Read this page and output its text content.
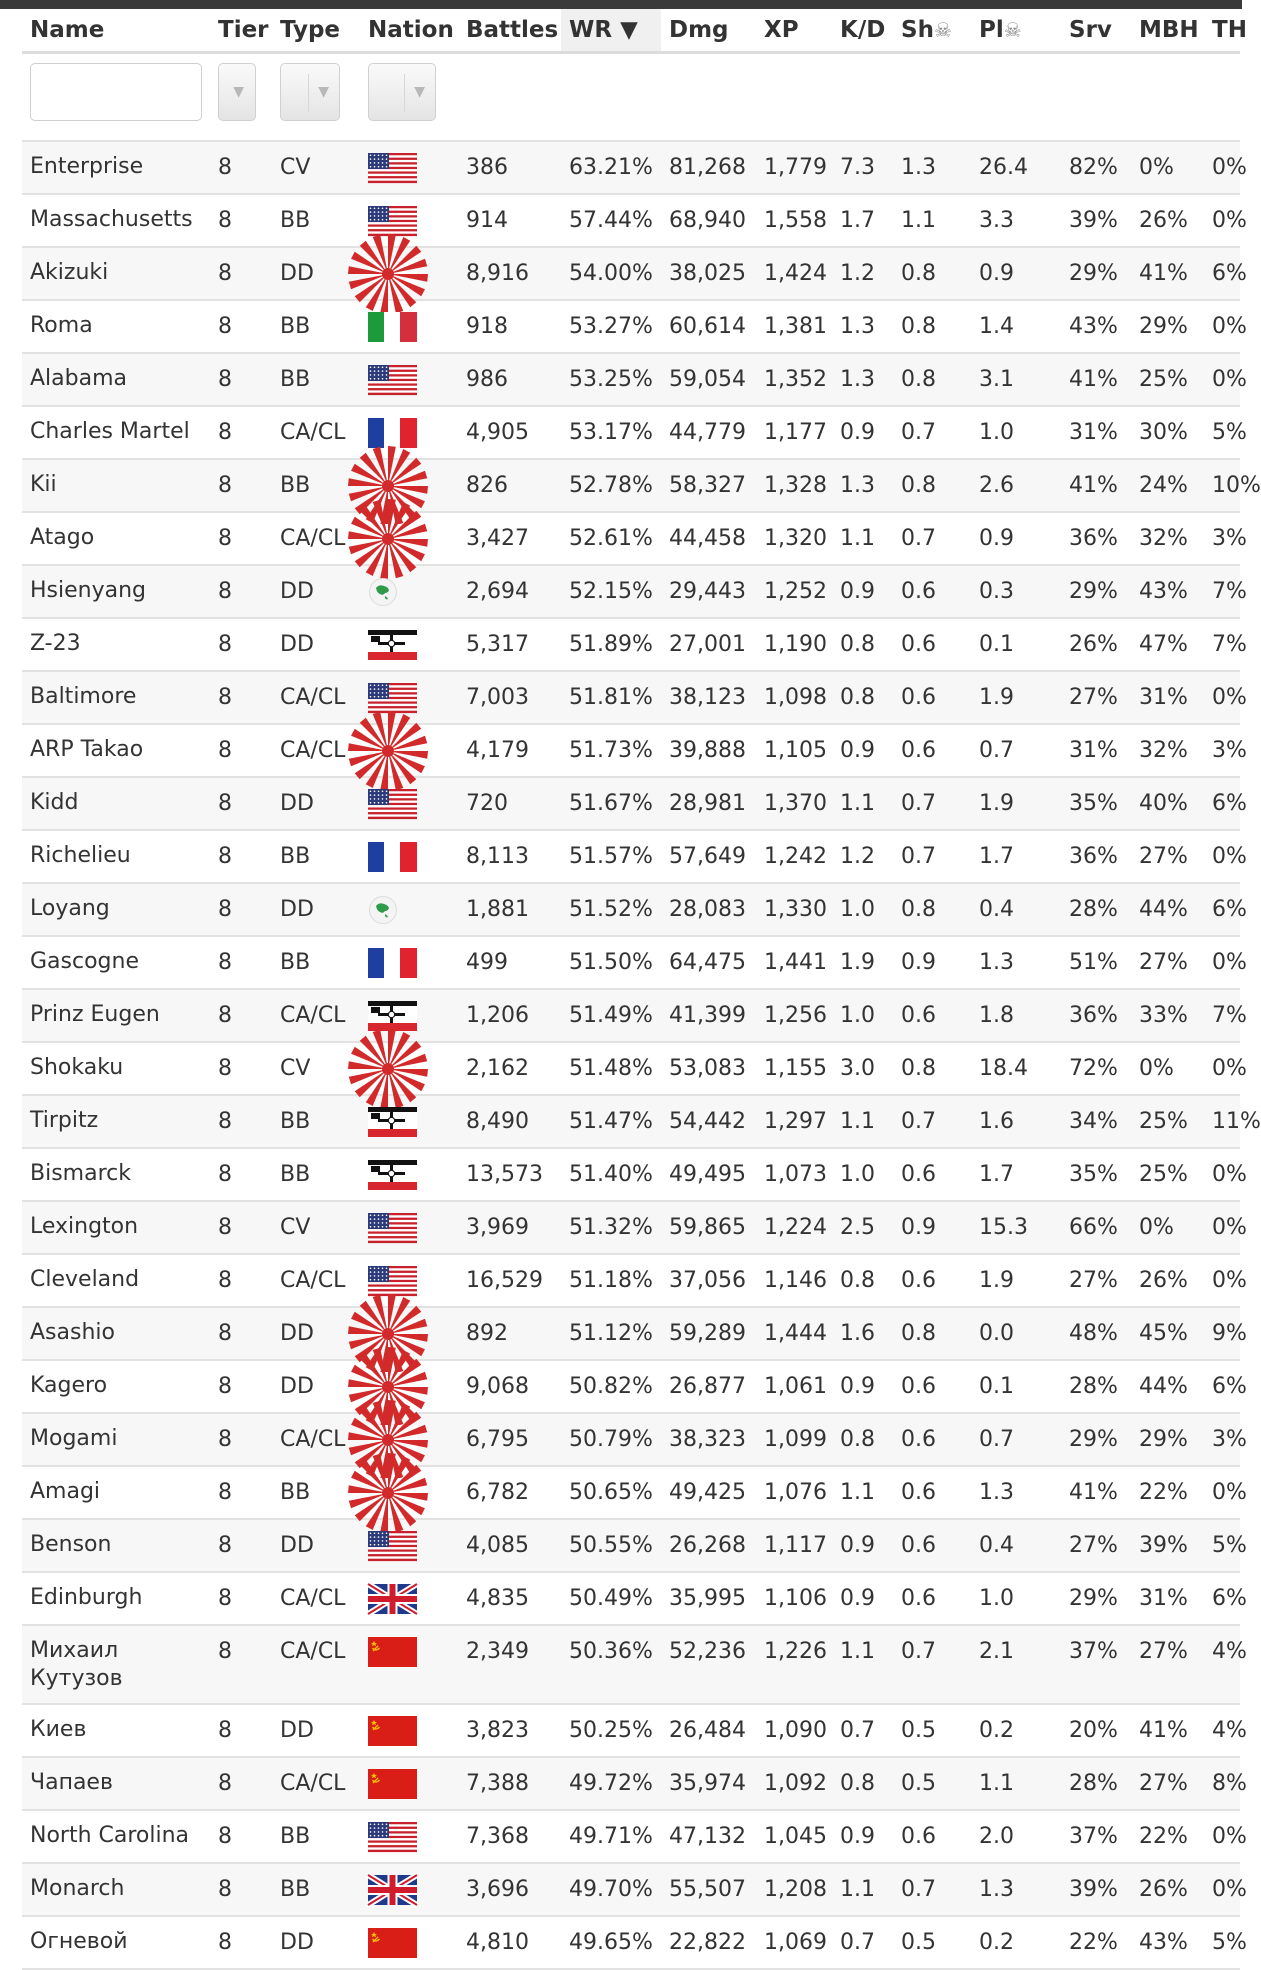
Name	Tier	Type	Nation	Battles	WR ▼	Dmg	XP	K/D	Sh☠	Pl☠	Srv	MBH	TH

▼	▼	▼										

Enterprise	8	CV		386	63.21%	81,268	1,779	7.3	1.3	26.4	82%	0%	0%
Massachusetts	8	BB		914	57.44%	68,940	1,558	1.7	1.1	3.3	39%	26%	0%
Akizuki	8	DD		8,916	54.00%	38,025	1,424	1.2	0.8	0.9	29%	41%	6%
Roma	8	BB		918	53.27%	60,614	1,381	1.3	0.8	1.4	43%	29%	0%
Alabama	8	BB		986	53.25%	59,054	1,352	1.3	0.8	3.1	41%	25%	0%
Charles Martel	8	CA/CL		4,905	53.17%	44,779	1,177	0.9	0.7	1.0	31%	30%	5%
Kii	8	BB		826	52.78%	58,327	1,328	1.3	0.8	2.6	41%	24%	10%
Atago	8	CA/CL		3,427	52.61%	44,458	1,320	1.1	0.7	0.9	36%	32%	3%
Hsienyang	8	DD		2,694	52.15%	29,443	1,252	0.9	0.6	0.3	29%	43%	7%
Z-23	8	DD		5,317	51.89%	27,001	1,190	0.8	0.6	0.1	26%	47%	7%
Baltimore	8	CA/CL		7,003	51.81%	38,123	1,098	0.8	0.6	1.9	27%	31%	0%
ARP Takao	8	CA/CL		4,179	51.73%	39,888	1,105	0.9	0.6	0.7	31%	32%	3%
Kidd	8	DD		720	51.67%	28,981	1,370	1.1	0.7	1.9	35%	40%	6%
Richelieu	8	BB		8,113	51.57%	57,649	1,242	1.2	0.7	1.7	36%	27%	0%
Loyang	8	DD		1,881	51.52%	28,083	1,330	1.0	0.8	0.4	28%	44%	6%
Gascogne	8	BB		499	51.50%	64,475	1,441	1.9	0.9	1.3	51%	27%	0%
Prinz Eugen	8	CA/CL		1,206	51.49%	41,399	1,256	1.0	0.6	1.8	36%	33%	7%
Shokaku	8	CV		2,162	51.48%	53,083	1,155	3.0	0.8	18.4	72%	0%	0%
Tirpitz	8	BB		8,490	51.47%	54,442	1,297	1.1	0.7	1.6	34%	25%	11%
Bismarck	8	BB		13,573	51.40%	49,495	1,073	1.0	0.6	1.7	35%	25%	0%
Lexington	8	CV		3,969	51.32%	59,865	1,224	2.5	0.9	15.3	66%	0%	0%
Cleveland	8	CA/CL		16,529	51.18%	37,056	1,146	0.8	0.6	1.9	27%	26%	0%
Asashio	8	DD		892	51.12%	59,289	1,444	1.6	0.8	0.0	48%	45%	9%
Kagero	8	DD		9,068	50.82%	26,877	1,061	0.9	0.6	0.1	28%	44%	6%
Mogami	8	CA/CL		6,795	50.79%	38,323	1,099	0.8	0.6	0.7	29%	29%	3%
Amagi	8	BB		6,782	50.65%	49,425	1,076	1.1	0.6	1.3	41%	22%	0%
Benson	8	DD		4,085	50.55%	26,268	1,117	0.9	0.6	0.4	27%	39%	5%
Edinburgh	8	CA/CL		4,835	50.49%	35,995	1,106	0.9	0.6	1.0	29%	31%	6%
Михаил Кутузов	8	CA/CL		2,349	50.36%	52,236	1,226	1.1	0.7	2.1	37%	27%	4%
Киев	8	DD		3,823	50.25%	26,484	1,090	0.7	0.5	0.2	20%	41%	4%
Чапаев	8	CA/CL		7,388	49.72%	35,974	1,092	0.8	0.5	1.1	28%	27%	8%
North Carolina	8	BB		7,368	49.71%	47,132	1,045	0.9	0.6	2.0	37%	22%	0%
Monarch	8	BB		3,696	49.70%	55,507	1,208	1.1	0.7	1.3	39%	26%	0%
Огневой	8	DD		4,810	49.65%	22,822	1,069	0.7	0.5	0.2	22%	43%	5%
